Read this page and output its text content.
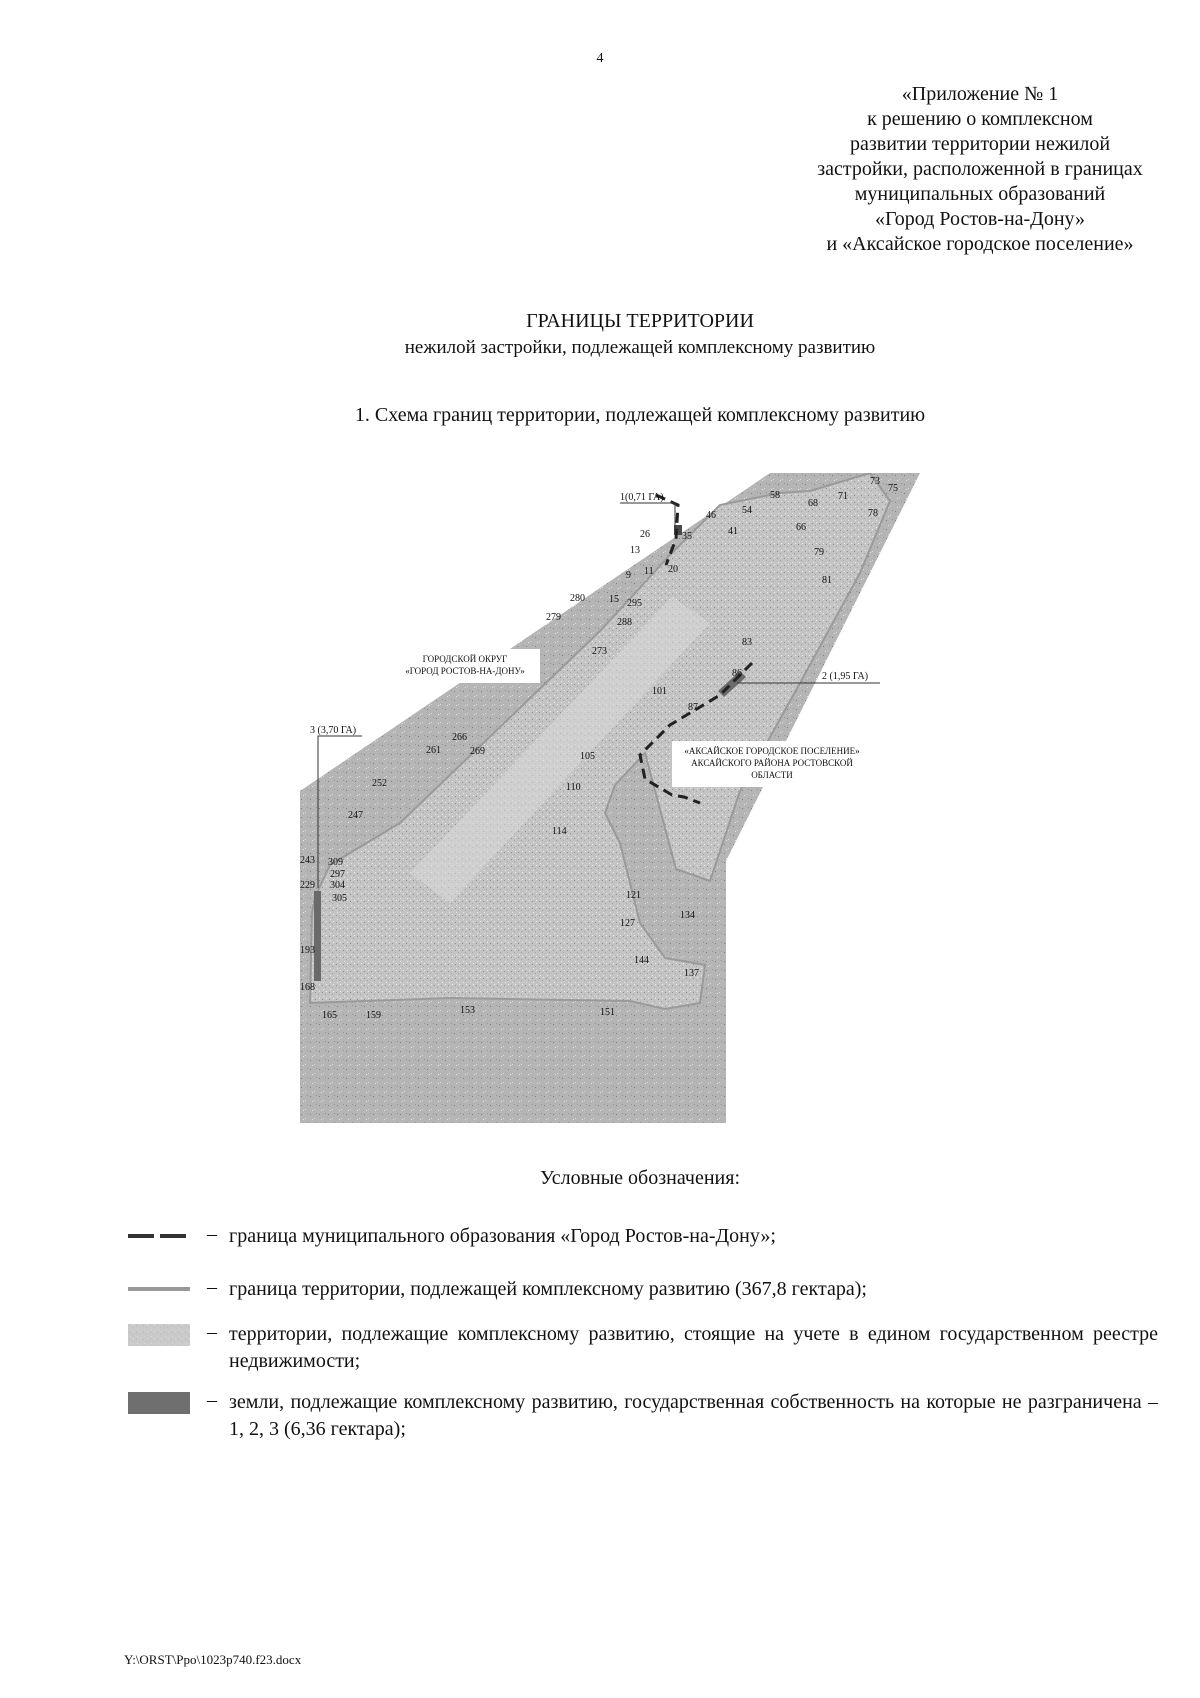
4
«Приложение № 1
к решению о комплексном
развитии территории нежилой
застройки, расположенной в границах
муниципальных образований
«Город Ростов-на-Дону»
и «Аксайское городское поселение»
ГРАНИЦЫ ТЕРРИТОРИИ
нежилой застройки, подлежащей комплексному развитию
1. Схема границ территории, подлежащей комплексному развитию
1(0,71 ГА)
2 (1,95 ГА)
3 (3,70 ГА)
ГОРОДСКОЙ ОКРУГ
«ГОРОД РОСТОВ-НА-ДОНУ»
«АКСАЙСКОЕ ГОРОДСКОЕ ПОСЕЛЕНИЕ»
АКСАЙСКОГО РАЙОНА РОСТОВСКОЙ
ОБЛАСТИ
73
75
58	71
68
78
54
46
41	66
79
26	35
13
20
81
11
9
280 15 295
279	288
273
83
86
101
87
266
261	269	105
252	110
247
114
243 309
297
229 304
305	121
134
127
193
144
137
168
153	151
165	159
Условные обозначения:
– граница муниципального образования «Город Ростов-на-Дону»;
– граница территории, подлежащей комплексному развитию (367,8 гектара);
– территории, подлежащие комплексному развитию, стоящие на учете в едином государственном реестре недвижимости;
– земли, подлежащие комплексному развитию, государственная собственность на которые не разграничена – 1, 2, 3 (6,36 гектара);
Y:\ORST\Ppo\1023p740.f23.docx
